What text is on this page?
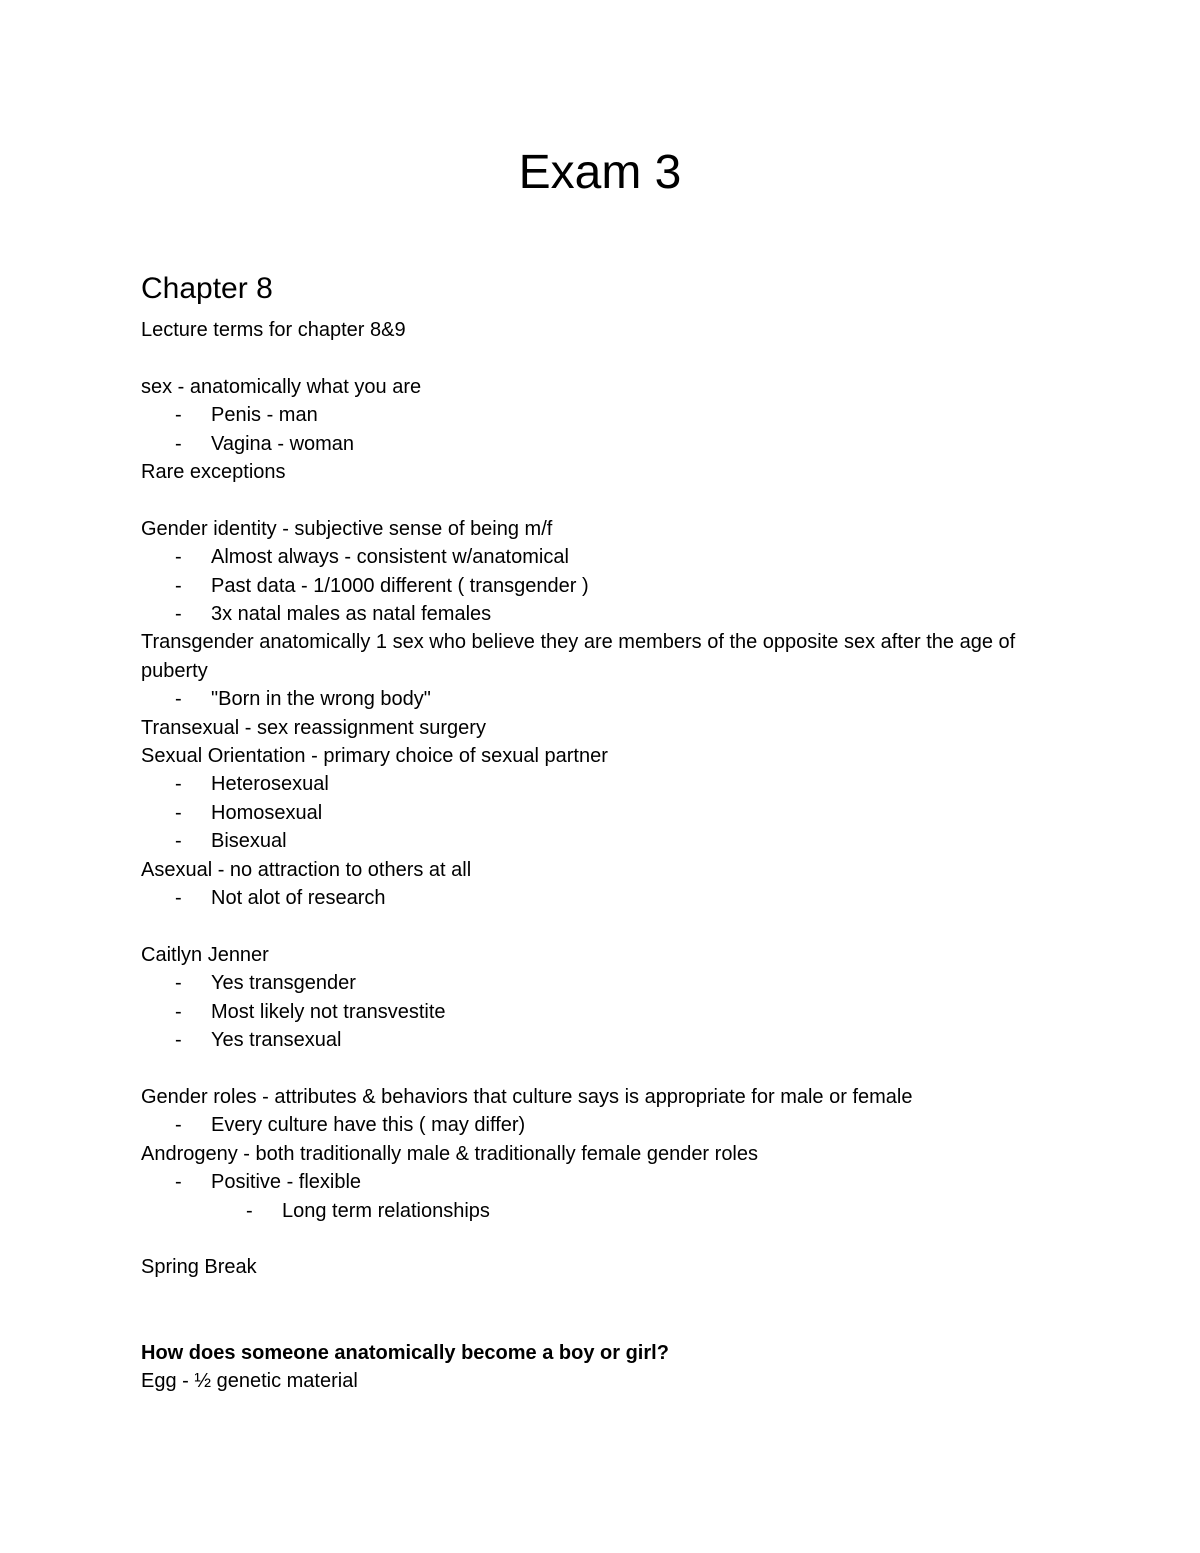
Exam 3
Chapter 8
Lecture terms for chapter 8&9
sex - anatomically what you are
-	Penis - man
-	Vagina - woman
Rare exceptions
Gender identity - subjective sense of being m/f
-	Almost always - consistent w/anatomical
-	Past data - 1/1000 different ( transgender )
-	3x natal males as natal females
Transgender anatomically 1 sex who believe they are members of the opposite sex after the age of puberty
-	"Born in the wrong body"
Transexual - sex reassignment surgery
Sexual Orientation - primary choice of sexual partner
-	Heterosexual
-	Homosexual
-	Bisexual
Asexual - no attraction to others at all
-	Not alot of research
Caitlyn Jenner
-	Yes transgender
-	Most likely not transvestite
-	Yes transexual
Gender roles - attributes & behaviors that culture says is appropriate for male or female
-	Every culture have this ( may differ)
Androgeny - both traditionally male & traditionally female gender roles
-	Positive - flexible
-	Long term relationships
Spring Break
How does someone anatomically become a boy or girl?
Egg - ½ genetic material
